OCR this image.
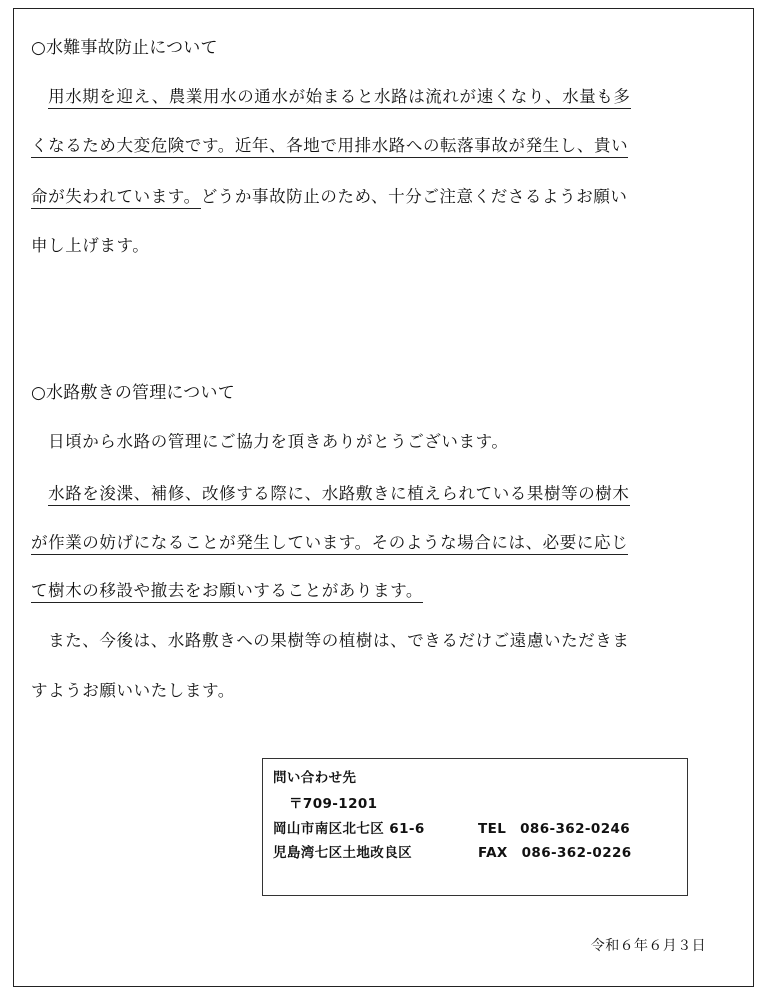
○水難事故防止について
　用水期を迎え、農業用水の通水が始まると水路は流れが速くなり、水量も多
くなるため大変危険です。近年、各地で用排水路への転落事故が発生し、貴い
命が失われています。どうか事故防止のため、十分ご注意くださるようお願い
申し上げます。
○水路敷きの管理について
　日頃から水路の管理にご協力を頂きありがとうございます。
　水路を浚渫、補修、改修する際に、水路敷きに植えられている果樹等の樹木
が作業の妨げになることが発生しています。そのような場合には、必要に応じ
て樹木の移設や撤去をお願いすることがあります。
　また、今後は、水路敷きへの果樹等の植樹は、できるだけご遠慮いただきま
すようお願いいたします。
問い合わせ先
〒709-1201
岡山市南区北七区 61-6	TEL　086-362-0246
児島湾七区土地改良区	FAX　086-362-0226
令和６年６月３日
